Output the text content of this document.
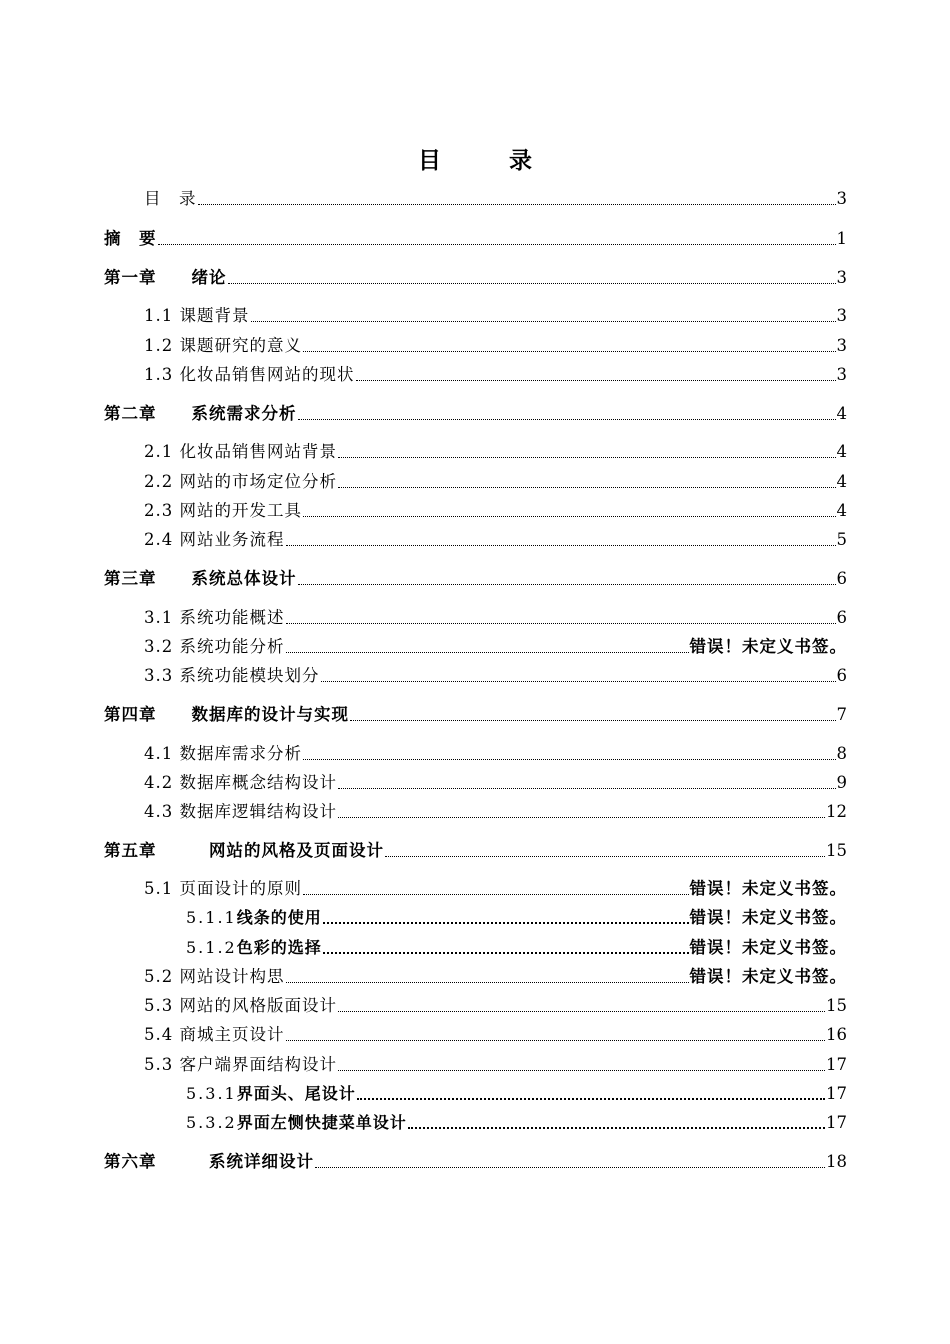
目 录
目　录	3
摘　要	1
第一章　　绪论	3
1.1 课题背景	3
1.2 课题研究的意义	3
1.3 化妆品销售网站的现状	3
第二章　　系统需求分析	4
2.1 化妆品销售网站背景	4
2.2 网站的市场定位分析	4
2.3 网站的开发工具	4
2.4 网站业务流程	5
第三章　　系统总体设计	6
3.1 系统功能概述	6
3.2 系统功能分析	错误！未定义书签。
3.3 系统功能模块划分	6
第四章　　数据库的设计与实现	7
4.1 数据库需求分析	8
4.2 数据库概念结构设计	9
4.3 数据库逻辑结构设计	12
第五章　　　网站的风格及页面设计	15
5.1 页面设计的原则	错误！未定义书签。
5.1.1线条的使用	错误！未定义书签。
5.1.2色彩的选择	错误！未定义书签。
5.2 网站设计构思	错误！未定义书签。
5.3 网站的风格版面设计	15
5.4 商城主页设计	16
5.3 客户端界面结构设计	17
5.3.1界面头、尾设计	17
5.3.2界面左恻快捷菜单设计	17
第六章　　　系统详细设计	18
